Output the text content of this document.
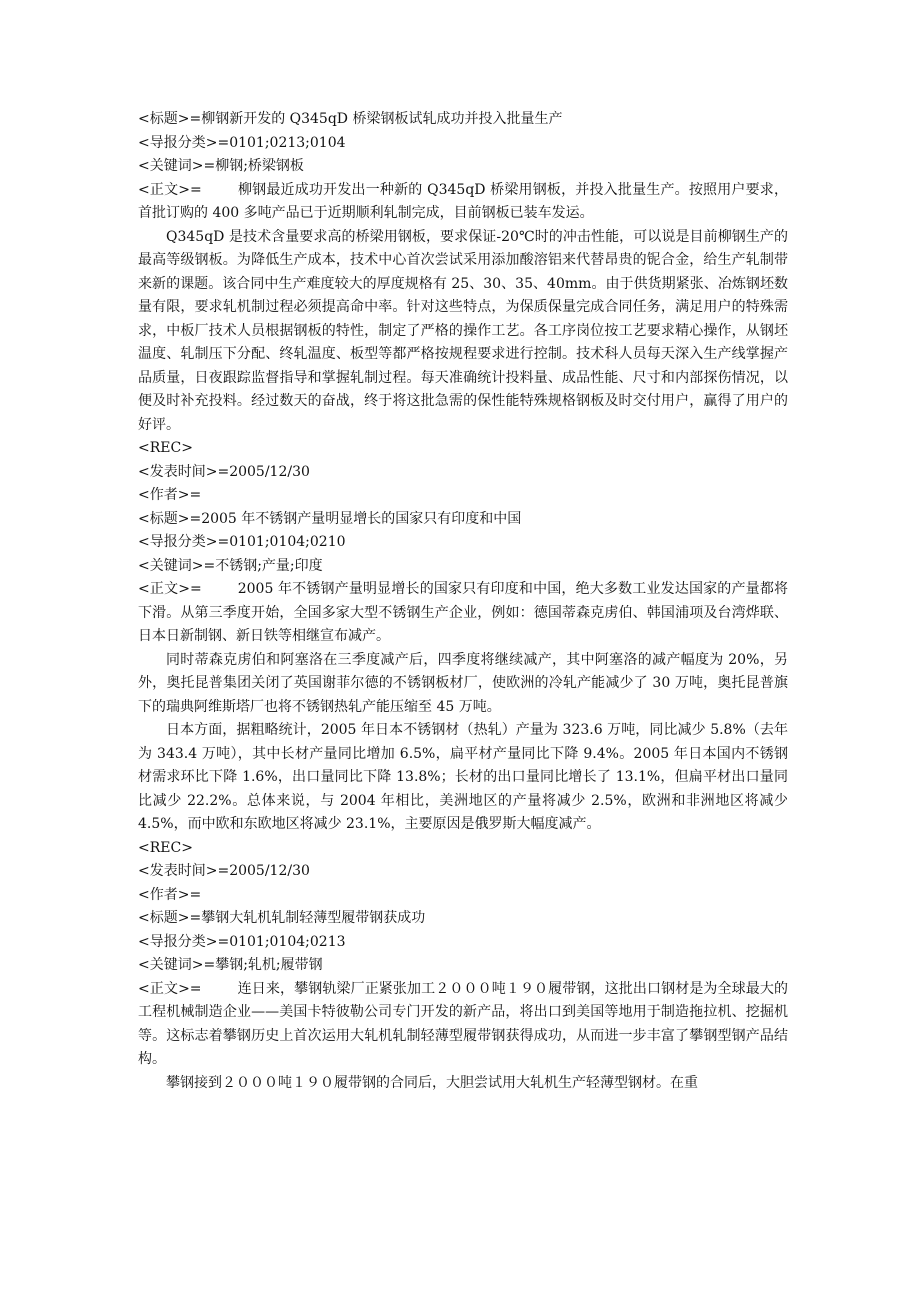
<标题>=柳钢新开发的 Q345qD 桥梁钢板试轧成功并投入批量生产
<导报分类>=0101;0213;0104
<关键词>=柳钢;桥梁钢板
<正文>=	柳钢最近成功开发出一种新的 Q345qD 桥梁用钢板，并投入批量生产。按照用户要求，首批订购的 400 多吨产品已于近期顺利轧制完成，目前钢板已装车发运。
Q345qD 是技术含量要求高的桥梁用钢板，要求保证-20℃时的冲击性能，可以说是目前柳钢生产的最高等级钢板。为降低生产成本，技术中心首次尝试采用添加酸溶铝来代替昂贵的铌合金，给生产轧制带来新的课题。该合同中生产难度较大的厚度规格有 25、30、35、40mm。由于供货期紧张、冶炼钢坯数量有限，要求轧机制过程必须提高命中率。针对这些特点，为保质保量完成合同任务，满足用户的特殊需求，中板厂技术人员根据钢板的特性，制定了严格的操作工艺。各工序岗位按工艺要求精心操作，从钢坯温度、轧制压下分配、终轧温度、板型等都严格按规程要求进行控制。技术科人员每天深入生产线掌握产品质量，日夜跟踪监督指导和掌握轧制过程。每天准确统计投料量、成品性能、尺寸和内部探伤情况，以便及时补充投料。经过数天的奋战，终于将这批急需的保性能特殊规格钢板及时交付用户，赢得了用户的好评。
<REC>
<发表时间>=2005/12/30
<作者>=
<标题>=2005 年不锈钢产量明显增长的国家只有印度和中国
<导报分类>=0101;0104;0210
<关键词>=不锈钢;产量;印度
<正文>=	2005 年不锈钢产量明显增长的国家只有印度和中国，绝大多数工业发达国家的产量都将下滑。从第三季度开始，全国多家大型不锈钢生产企业，例如：德国蒂森克虏伯、韩国浦项及台湾烨联、日本日新制钢、新日铁等相继宣布减产。
同时蒂森克虏伯和阿塞洛在三季度减产后，四季度将继续减产，其中阿塞洛的减产幅度为 20%，另外，奥托昆普集团关闭了英国谢菲尔德的不锈钢板材厂，使欧洲的冷轧产能减少了 30 万吨，奥托昆普旗下的瑞典阿维斯塔厂也将不锈钢热轧产能压缩至 45 万吨。
日本方面，据粗略统计，2005 年日本不锈钢材（热轧）产量为 323.6 万吨，同比减少 5.8%（去年为 343.4 万吨），其中长材产量同比增加 6.5%，扁平材产量同比下降 9.4%。2005 年日本国内不锈钢材需求环比下降 1.6%，出口量同比下降 13.8%；长材的出口量同比增长了 13.1%，但扁平材出口量同比减少 22.2%。总体来说，与 2004 年相比，美洲地区的产量将减少 2.5%，欧洲和非洲地区将减少 4.5%，而中欧和东欧地区将减少 23.1%，主要原因是俄罗斯大幅度减产。
<REC>
<发表时间>=2005/12/30
<作者>=
<标题>=攀钢大轧机轧制轻薄型履带钢获成功
<导报分类>=0101;0104;0213
<关键词>=攀钢;轧机;履带钢
<正文>=	连日来，攀钢轨梁厂正紧张加工２０００吨１９０履带钢，这批出口钢材是为全球最大的工程机械制造企业——美国卡特彼勒公司专门开发的新产品，将出口到美国等地用于制造拖拉机、挖掘机等。这标志着攀钢历史上首次运用大轧机轧制轻薄型履带钢获得成功，从而进一步丰富了攀钢型钢产品结构。
攀钢接到２０００吨１９０履带钢的合同后，大胆尝试用大轧机生产轻薄型钢材。在重
